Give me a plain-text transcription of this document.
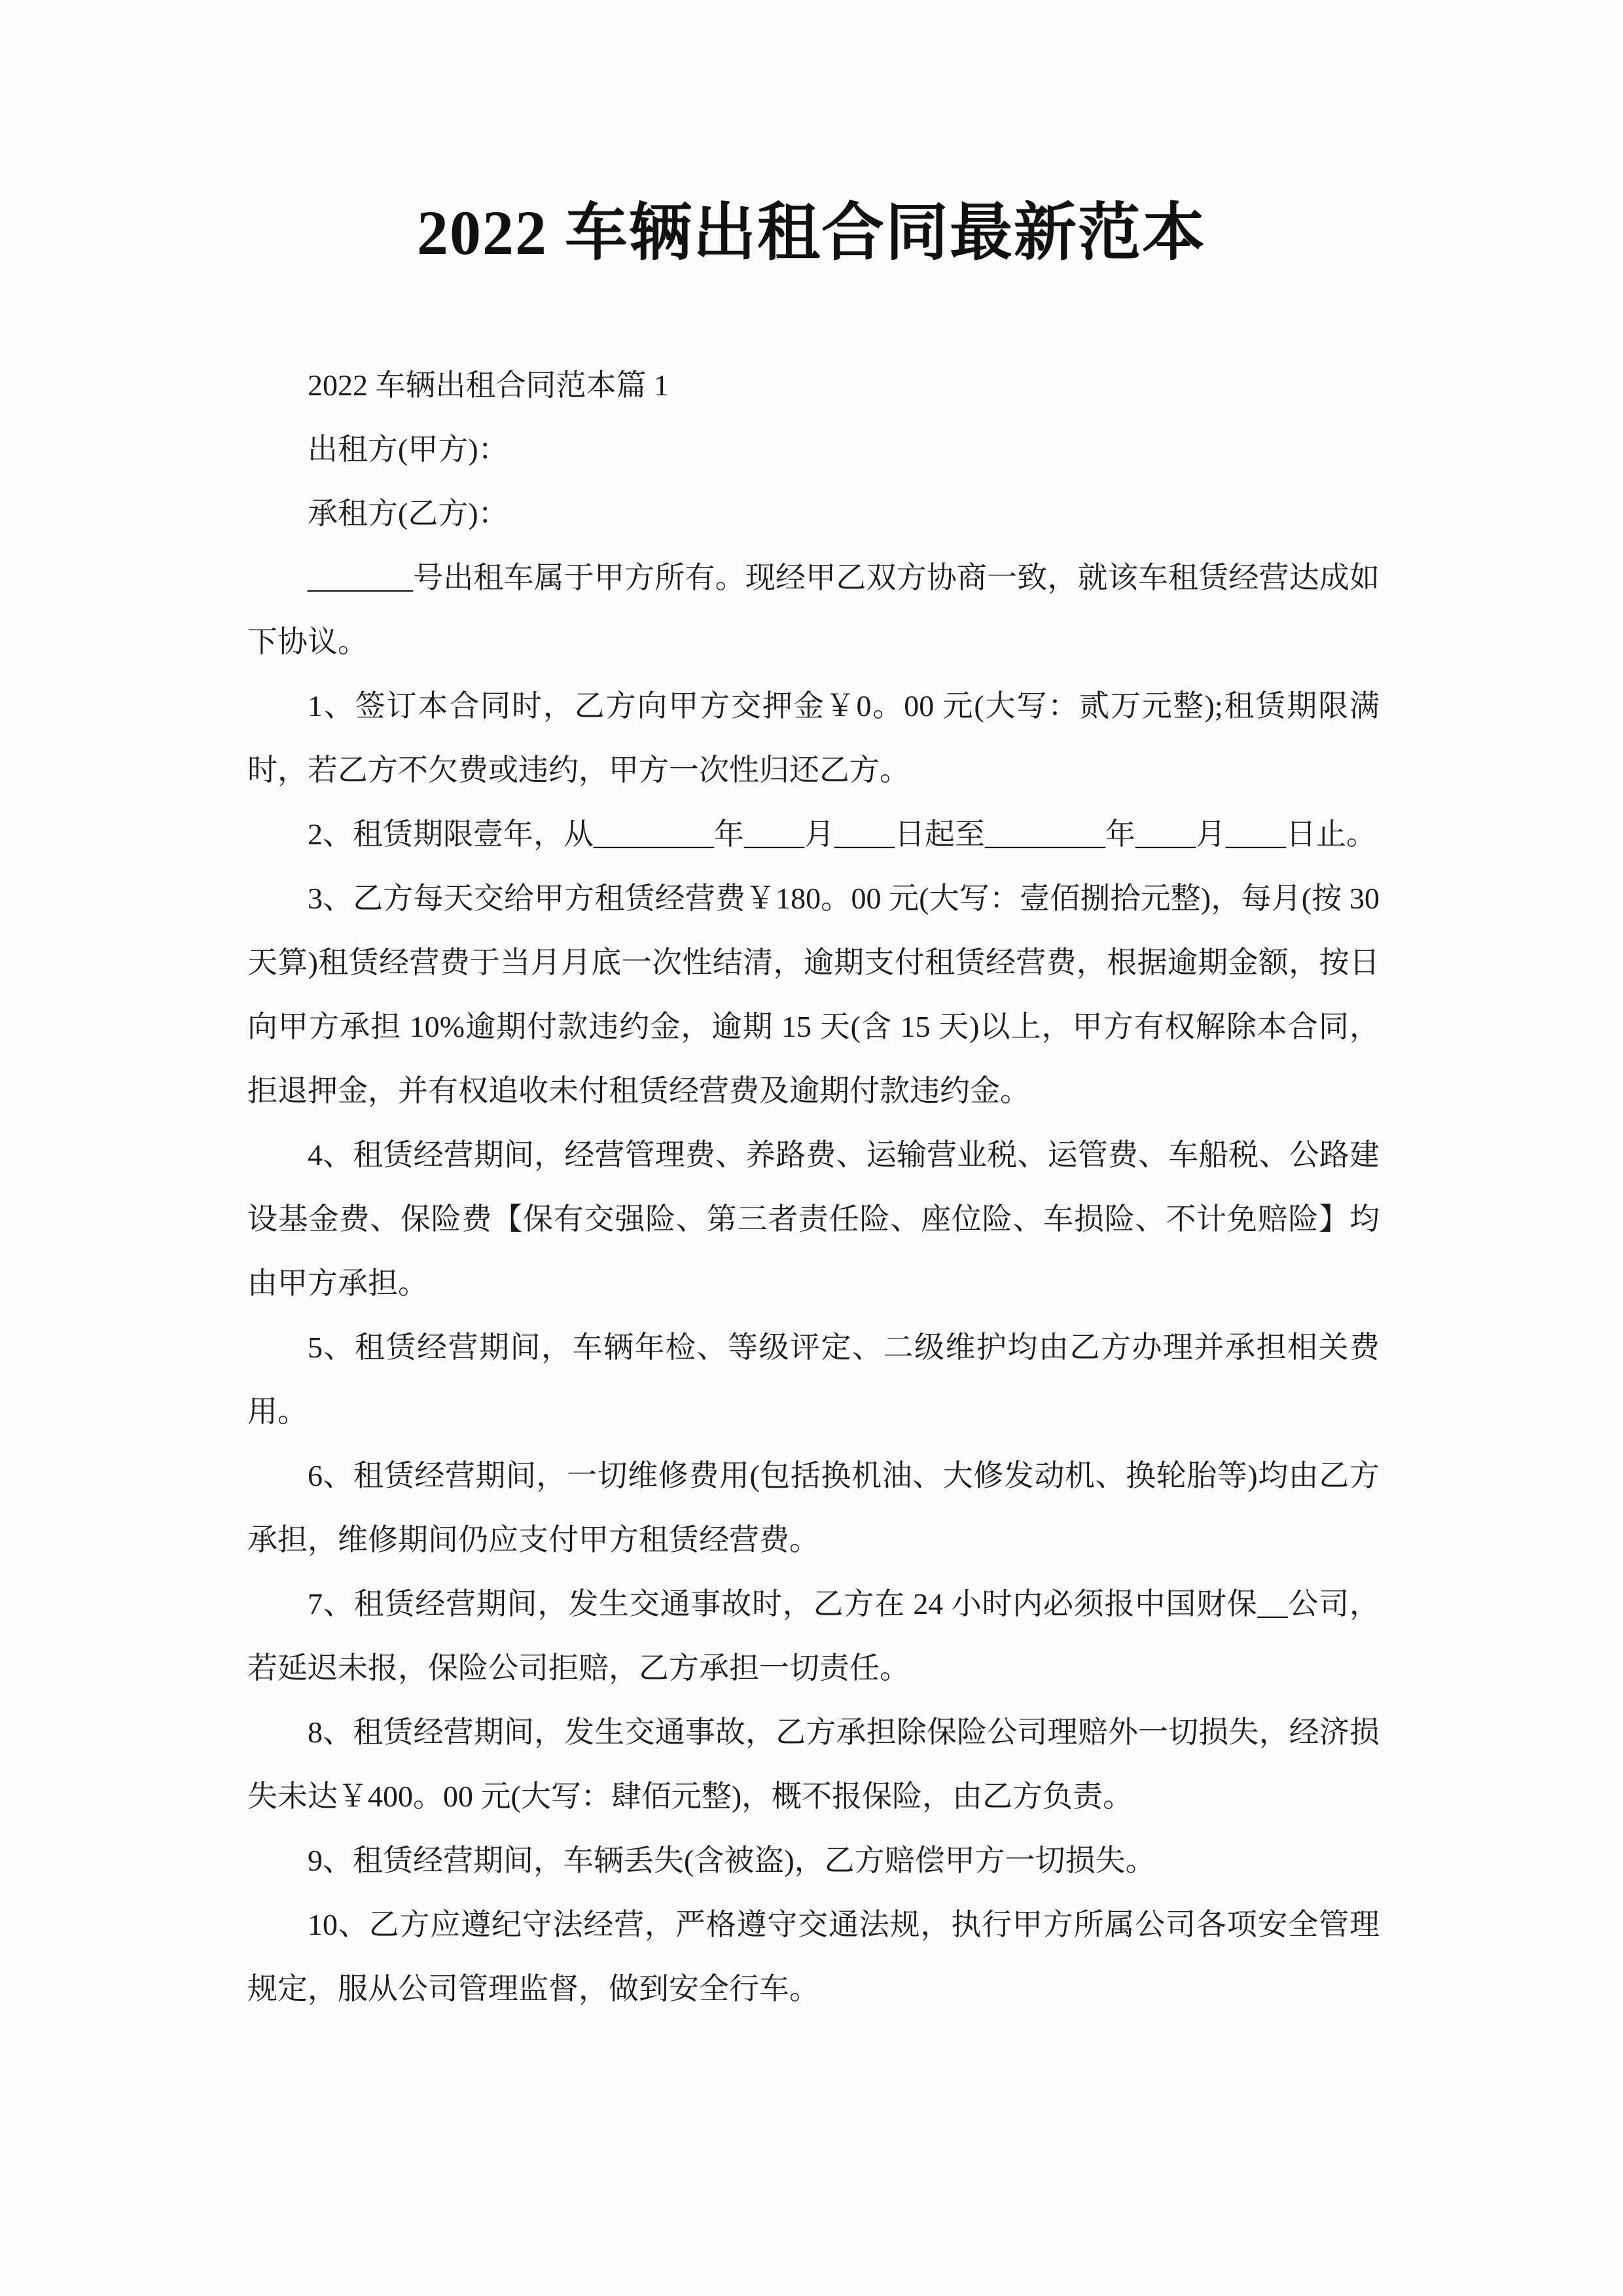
2022 车辆出租合同最新范本

2022 车辆出租合同范本篇 1

出租方(甲方)：

承租方(乙方)：

_______号出租车属于甲方所有。现经甲乙双方协商一致，就该车租赁经营达成如下协议。

1、签订本合同时，乙方向甲方交押金￥0。00 元(大写：贰万元整);租赁期限满时，若乙方不欠费或违约，甲方一次性归还乙方。

2、租赁期限壹年，从________年____月____日起至________年____月____日止。

3、乙方每天交给甲方租赁经营费￥180。00 元(大写：壹佰捌拾元整)，每月(按 30 天算)租赁经营费于当月月底一次性结清，逾期支付租赁经营费，根据逾期金额，按日向甲方承担 10%逾期付款违约金，逾期 15 天(含 15 天)以上，甲方有权解除本合同，拒退押金，并有权追收未付租赁经营费及逾期付款违约金。

4、租赁经营期间，经营管理费、养路费、运输营业税、运管费、车船税、公路建设基金费、保险费【保有交强险、第三者责任险、座位险、车损险、不计免赔险】均由甲方承担。

5、租赁经营期间，车辆年检、等级评定、二级维护均由乙方办理并承担相关费用。

6、租赁经营期间，一切维修费用(包括换机油、大修发动机、换轮胎等)均由乙方承担，维修期间仍应支付甲方租赁经营费。

7、租赁经营期间，发生交通事故时，乙方在 24 小时内必须报中国财保__公司，若延迟未报，保险公司拒赔，乙方承担一切责任。

8、租赁经营期间，发生交通事故，乙方承担除保险公司理赔外一切损失，经济损失未达￥400。00 元(大写：肆佰元整)，概不报保险，由乙方负责。

9、租赁经营期间，车辆丢失(含被盗)，乙方赔偿甲方一切损失。

10、乙方应遵纪守法经营，严格遵守交通法规，执行甲方所属公司各项安全管理规定，服从公司管理监督，做到安全行车。
